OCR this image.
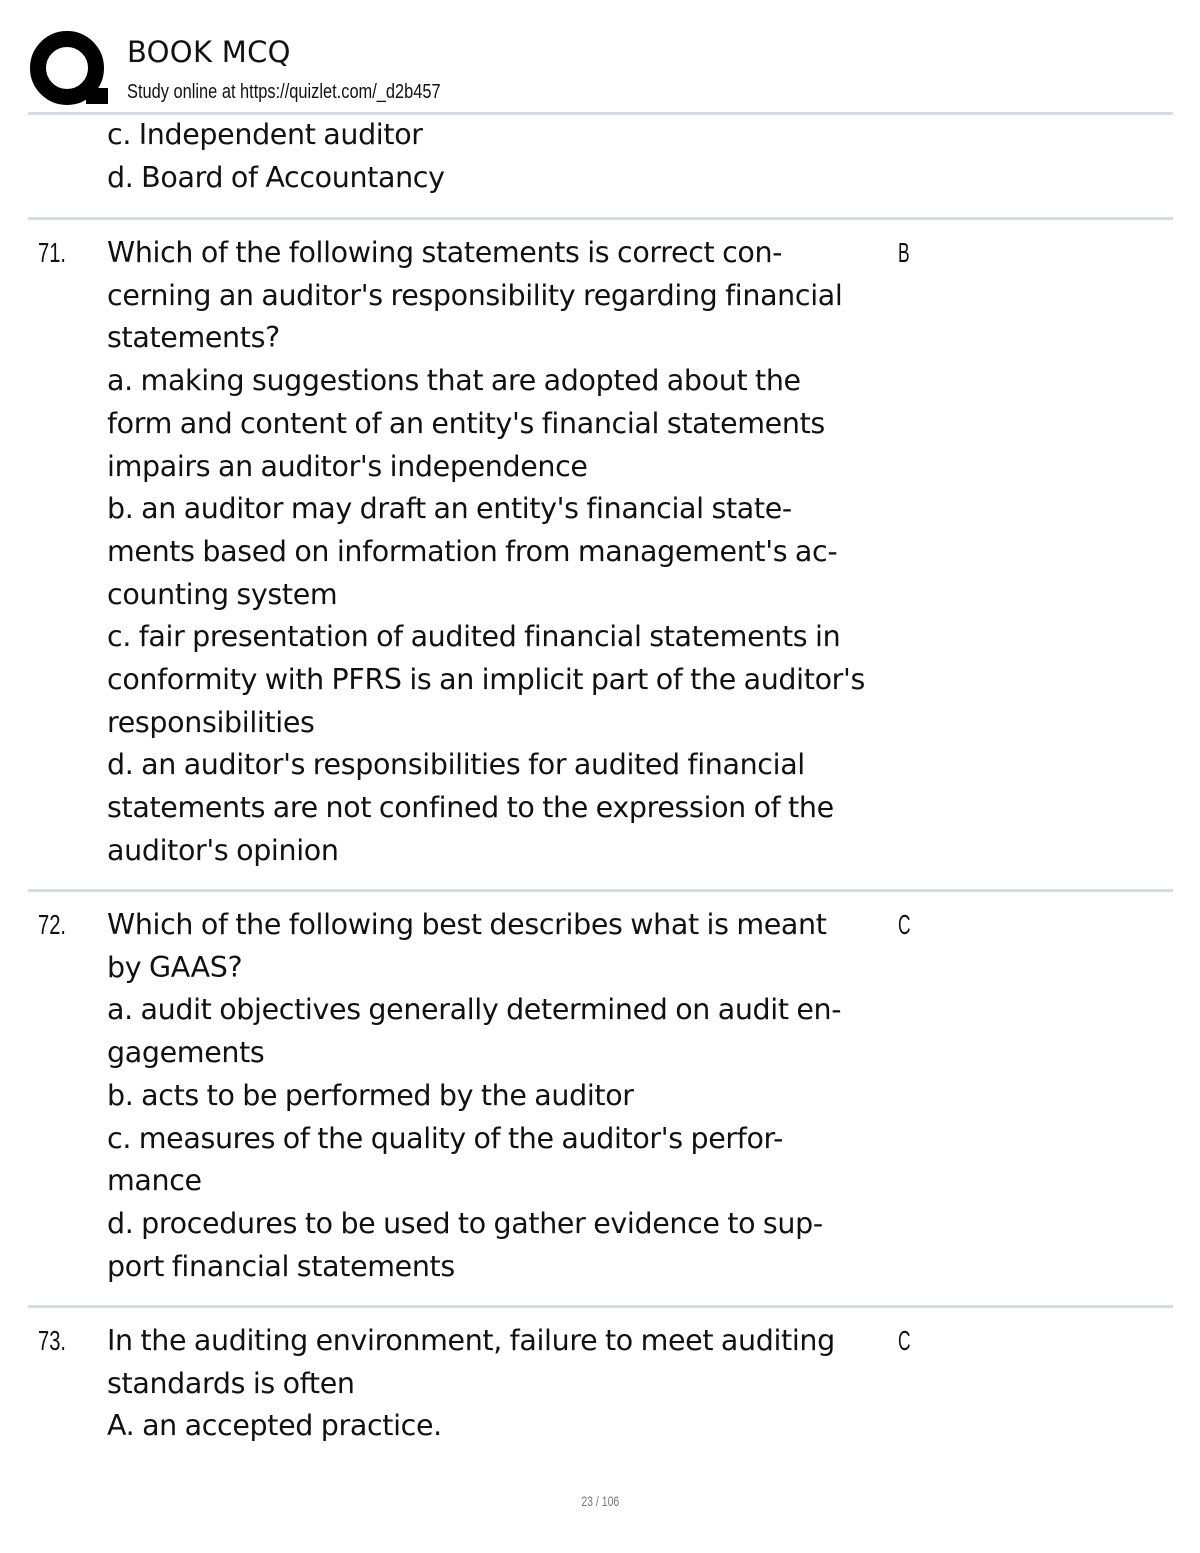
BOOK MCQ
Study online at https://quizlet.com/_d2b457
c. Independent auditor
d. Board of Accountancy
71. Which of the following statements is correct con-
cerning an auditor's responsibility regarding financial
statements?
a. making suggestions that are adopted about the
form and content of an entity's financial statements
impairs an auditor's independence
b. an auditor may draft an entity's financial state-
ments based on information from management's ac-
counting system
c. fair presentation of audited financial statements in
conformity with PFRS is an implicit part of the auditor's
responsibilities
d. an auditor's responsibilities for audited financial
statements are not confined to the expression of the
auditor's opinion
B
72. Which of the following best describes what is meant
by GAAS?
a. audit objectives generally determined on audit en-
gagements
b. acts to be performed by the auditor
c. measures of the quality of the auditor's perfor-
mance
d. procedures to be used to gather evidence to sup-
port financial statements
C
73. In the auditing environment, failure to meet auditing
standards is often
A. an accepted practice.
C
23 / 106
